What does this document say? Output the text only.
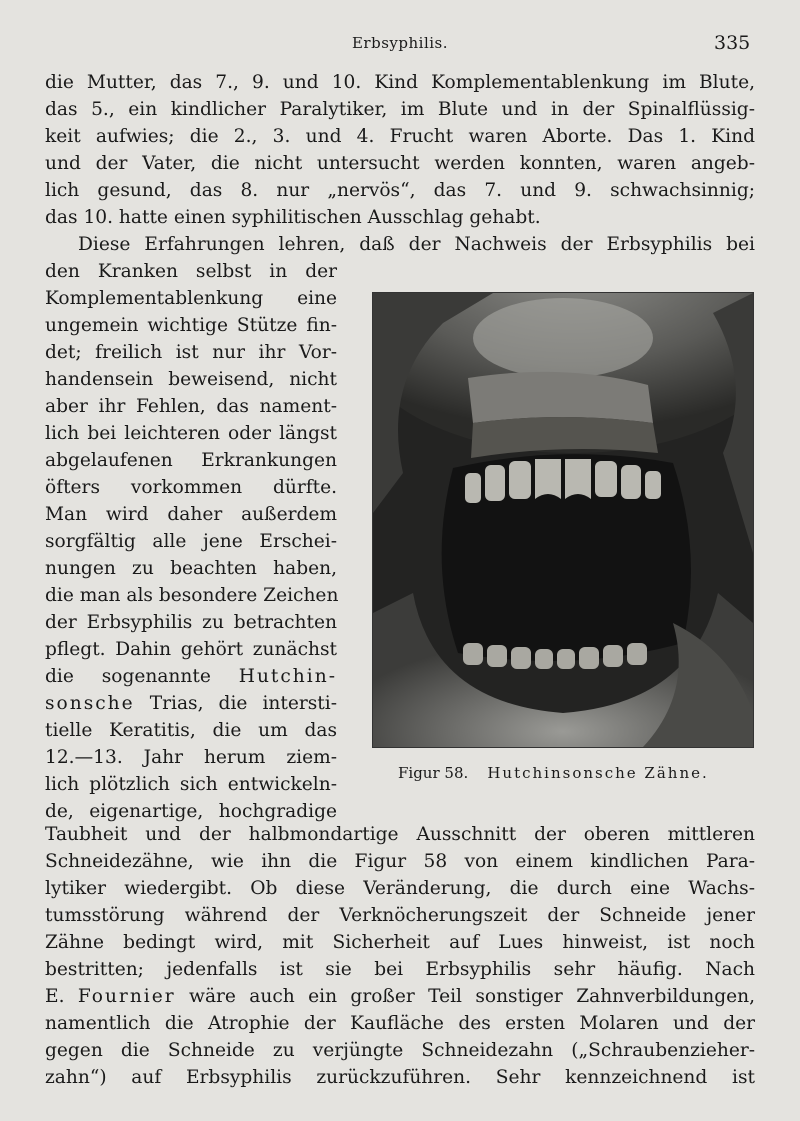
Erbsyphilis.	335
die Mutter, das 7., 9. und 10. Kind Komplementablenkung im Blute,
das 5., ein kindlicher Paralytiker, im Blute und in der Spinalflüssig-
keit aufwies; die 2., 3. und 4. Frucht waren Aborte. Das 1. Kind
und der Vater, die nicht untersucht werden konnten, waren angeb-
lich gesund, das 8. nur „nervös“, das 7. und 9. schwachsinnig;
das 10. hatte einen syphilitischen Ausschlag gehabt.
Diese Erfahrungen lehren, daß der Nachweis der Erbsyphilis bei
den Kranken selbst in der
Komplementablenkung eine
ungemein wichtige Stütze fin-
det; freilich ist nur ihr Vor-
handensein beweisend, nicht
aber ihr Fehlen, das nament-
lich bei leichteren oder längst
abgelaufenen Erkrankungen
öfters vorkommen dürfte.
Man wird daher außerdem
sorgfältig alle jene Erschei-
nungen zu beachten haben,
die man als besondere Zeichen
der Erbsyphilis zu betrachten
pflegt. Dahin gehört zunächst
die sogenannte Hutchin-
sonsche Trias, die intersti-
tielle Keratitis, die um das
12.—13. Jahr herum ziem-
lich plötzlich sich entwickeln-
de, eigenartige, hochgradige
Figur 58. Hutchinsonsche Zähne.
Taubheit und der halbmondartige Ausschnitt der oberen mittleren
Schneidezähne, wie ihn die Figur 58 von einem kindlichen Para-
lytiker wiedergibt. Ob diese Veränderung, die durch eine Wachs-
tumsstörung während der Verknöcherungszeit der Schneide jener
Zähne bedingt wird, mit Sicherheit auf Lues hinweist, ist noch
bestritten; jedenfalls ist sie bei Erbsyphilis sehr häufig. Nach
E. Fournier wäre auch ein großer Teil sonstiger Zahnverbildungen,
namentlich die Atrophie der Kaufläche des ersten Molaren und der
gegen die Schneide zu verjüngte Schneidezahn („Schraubenzieher-
zahn“) auf Erbsyphilis zurückzuführen. Sehr kennzeichnend ist
